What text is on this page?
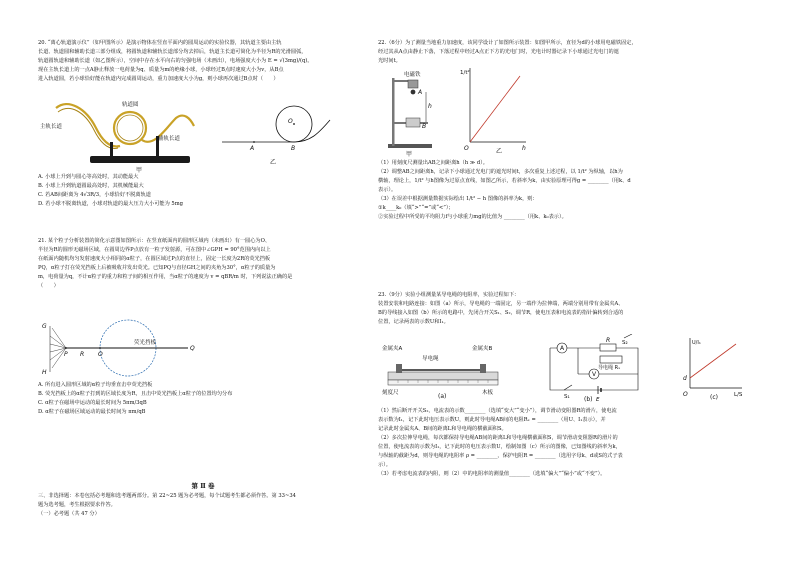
20. “离心轨道演示仪”（如甲图所示）是演示物体在竖直平面内的圆周运动的实验仪器，其轨道主要由主轨

长道、轨道圆和辅助长道三部分组成，将圆轨道和辅轨长道部分均去掉后，轨道主长道可简化为半径为R的光滑圆弧，

轨道圆轨道和辅助长道（如乙图所示），空间中存在水平向右的匀强电场（未画出），电场强度大小为 E = √(3mg)/(q)。

现在主轨长道上的一点A静止释放一电荷量为q、质量为m的绝缘小球，小球经过B点时速度大小为v，从B点

进入轨道圆，若小球恰好能在轨道内完成圆周运动，重力加速度大小为g，则小球再次通过B点时（　　）

主轨长道
轨道圆
辅轨长道
甲
O
A	B
乙

A. 小球上升到与圆心等高处时，其动能最大

B. 小球上升到轨道圆最高处时，其机械能最大

C. 若AB间距离为 4√3R/3，小球恰好不脱离轨道

D. 若小球不脱离轨道，小球对轨道的最大压力大小可能为 5mg

21. 某个粒子分析装置的简化示意图如图所示：在竖直纸面内的圆形区域内（未画出）有一圆心为O、

半径为R的圆形无磁场区域，在圆周边界P点放有一粒子发射源，可在图中∠GPH = 90°范围内向以上

在纸面内随机均匀发射速度大小相同的α粒子，在圆区域过P点的直径上，固定一长度为2R的荧光挡板

PQ，α粒子打在荧光挡板上后被吸收并发出荧光。已知PQ与直径GH之间的夹角为30°，α粒子的质量为

m，电荷量为q，不计α粒子的重力和粒子间的相互作用，当α粒子的速度为 v = qBR/m 时，下列说法正确的是

（　　）

G
H
P R O
Q
荧光挡板

A. 所有进入圆形区域的α粒子均垂直击中荧光挡板

B. 荧光挡板上的α粒子打到的区域长度为R，且击中荧光挡板上α粒子的位置均匀分布

C. α粒子在磁场中运动的最长时间为 5πm/3qB

D. α粒子在磁场区域运动的最长时间为 πm/qB

第 Ⅱ 卷

三、非选择题：本卷包括必考题和选考题两部分。第 22~25 题为必考题，每个试题考生都必须作答。第 33~34

题为选考题，考生根据要求作答。

（一）必考题（共 47 分）

22.（6分）为了测量当地重力加速度，该同学设计了如图所示装置：如图甲所示，直径为d的小球用电磁铁固定，

经过其从A点由静止下落，下落过程中经过A点正下方的光电门时，光电计时器记录下小球通过光电门的遮

光时间t。

电磁铁
A
B
h
甲
1/t²
h
O	乙

（1）用刻度尺测量出AB之间距离h（h ≫ d）。

（2）调整AB之间距离h，记录下小球通过光电门的遮光时间t，多次重复上述过程，以 1/t² 为纵轴，以h为

横轴，理论上，1/t² 与h图像为过原点直线，如图乙所示，若斜率为k，由实验原理可得g = ________（用k、d

表示）。

（3）在误差中根据测量数据实际绘出 1/t² − h 图像的斜率为k，则：

①k____k₀（填“>”“=”或“<”）；

②实验过程中所受的平均阻力f与小球重力mg的比值为 ________（用k、k₀表示）。

23.（9分）实验小组测量某导电绳的电阻率，实验过程如下：

装置安装和电路连接：如图（a）所示，导电绳的一端固定，另一端作为拉伸端，两端分别用带有金属夹A、

B的导线接入如图（b）所示的电路中，先闭合开关S₁、S₂，调节R，使电压表和电流表的指针偏转到合适的

位置，记录两表的示数U和I₁。

金属夹A	金属夹B
导电绳
刻度尺	木板
(a)
A
V
R
导电绳 Rₓ
S₁
S₂
E
(b)
U/I₁
L/S
O
d
(c)

（1）然后断开开关S₂，电流表的示数________（选填“变大”“变小”），调节滑动变阻器R的滑片，使电流

表示数为I₁，记下此时电压表示数U，则此时导电绳AB间的电阻Rₓ = ________（用U、I₁表示），并

记录此时金属夹A、B间的距离L和导电绳的横截面积S。

（2）多次拉伸导电绳，每次都保持导电绳AB间的距离L和导电绳横截面积S，调节滑动变阻器R的滑片的

位置，使电流表的示数为I₁，记下此时的电压表示数U，绘制如图（c）所示的图像，已知图线的斜率为k，

与纵轴的截距为d，则导电绳的电阻率 ρ = ________，保护电阻R = ________（选用字母k、d或S的式子表

示）。

（3）若考虑电流表的内阻，则（2）中的电阻率的测量值________（选填“偏大”“偏小”或“不变”）。
